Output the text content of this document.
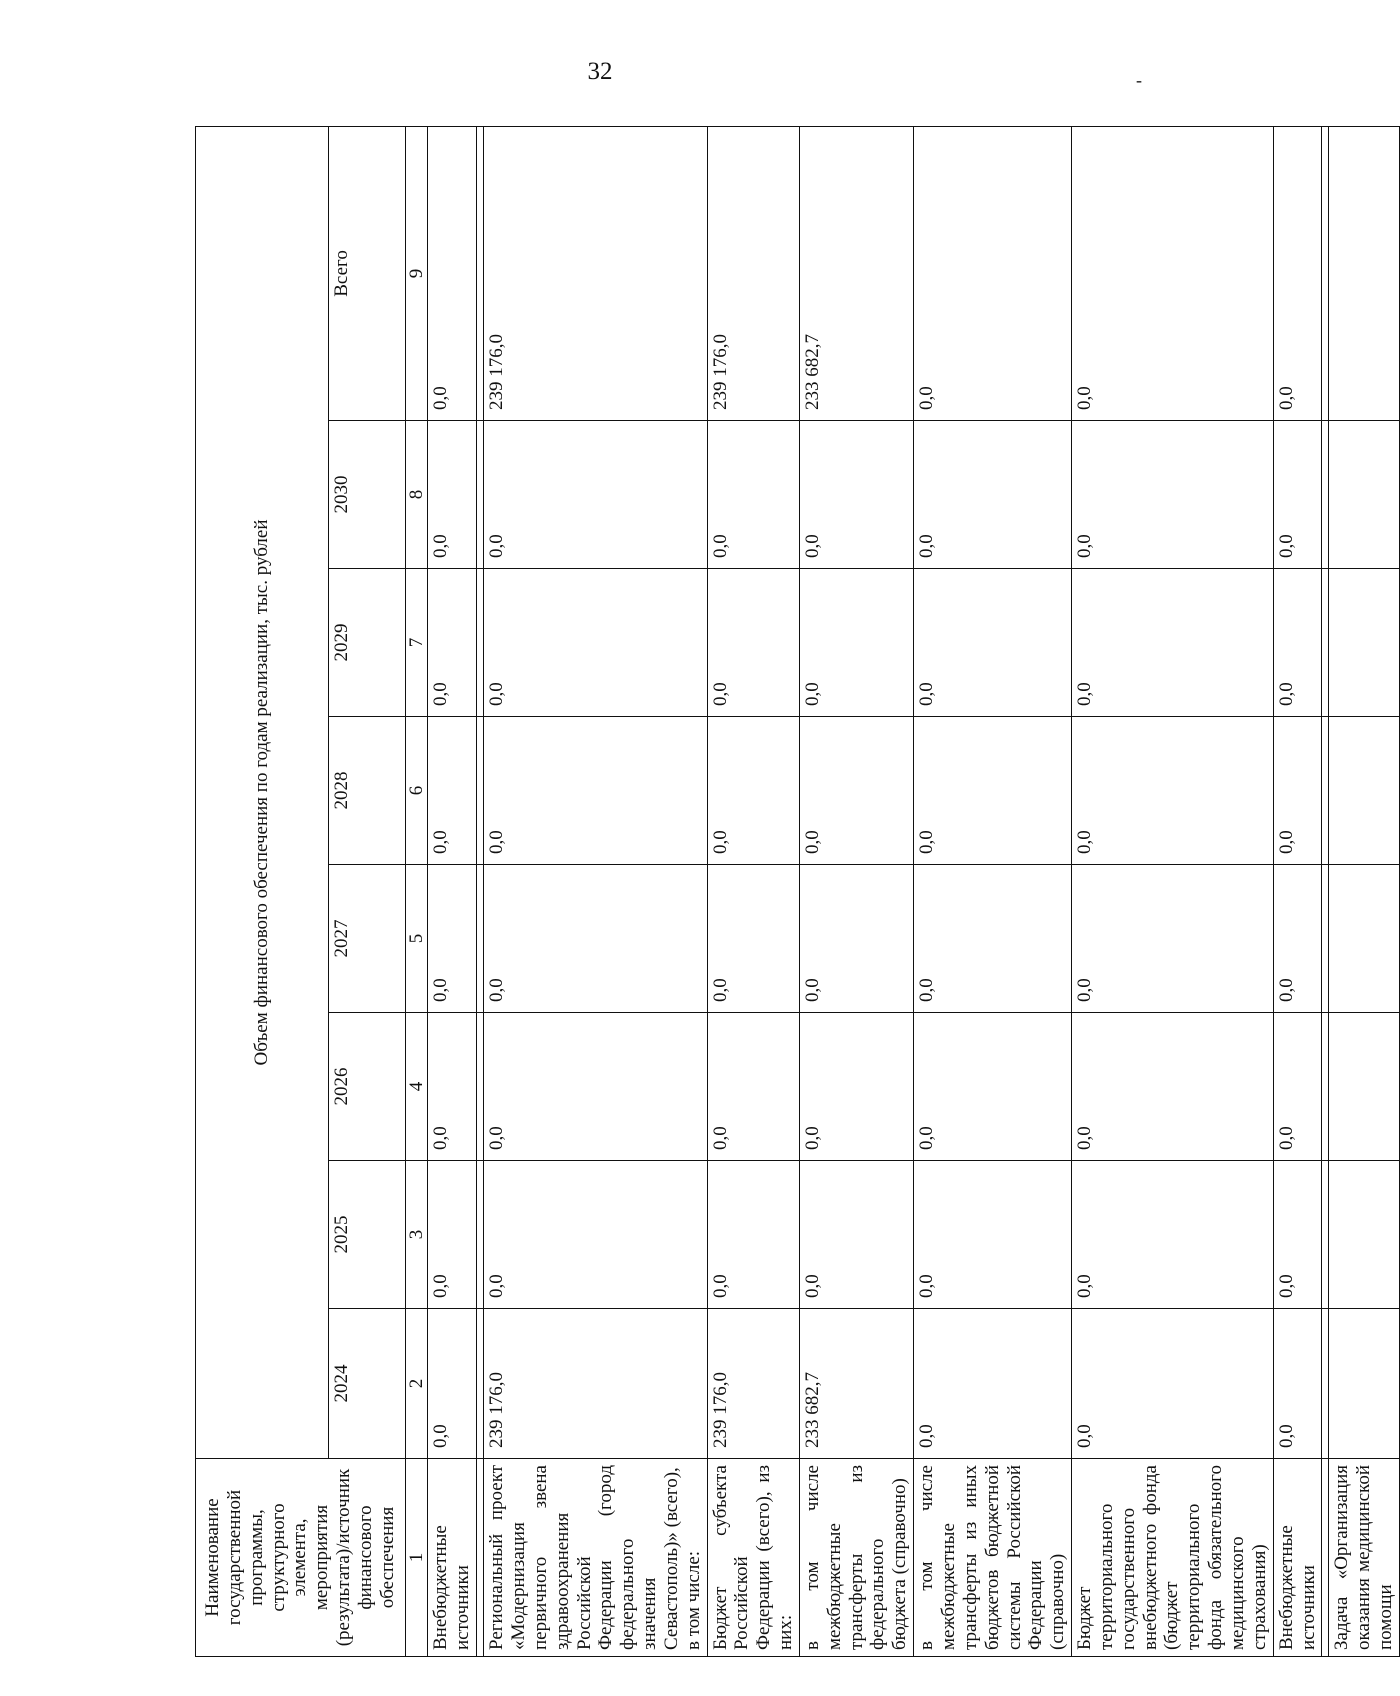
32	-
Наименование государственной программы, структурного элемента, мероприятия (результата)/источник финансового обеспечения	Объем финансового обеспечения по годам реализации, тыс. рублей							
	2024	2025	2026	2027	2028	2029	2030	Всего
1	2	3	4	5	6	7	8	9
Внебюджетные источники	0,0	0,0	0,0	0,0	0,0	0,0	0,0	0,0

Региональный проект «Модернизация первичного звена здравоохранения Российской Федерации (город федерального значения Севастополь)» (всего),
в том числе:	239 176,0	0,0	0,0	0,0	0,0	0,0	0,0	239 176,0
Бюджет субъекта Российской Федерации (всего), из них:	239 176,0	0,0	0,0	0,0	0,0	0,0	0,0	239 176,0
в том числе межбюджетные трансферты из федерального бюджета (справочно)	233 682,7	0,0	0,0	0,0	0,0	0,0	0,0	233 682,7
в том числе межбюджетные трансферты из иных бюджетов бюджетной системы Российской Федерации (справочно)	0,0	0,0	0,0	0,0	0,0	0,0	0,0	0,0
Бюджет территориального государственного внебюджетного фонда (бюджет территориального фонда обязательного медицинского страхования)	0,0	0,0	0,0	0,0	0,0	0,0	0,0	0,0
Внебюджетные источники	0,0	0,0	0,0	0,0	0,0	0,0	0,0	0,0

Задача «Организация оказания медицинской помощи								
